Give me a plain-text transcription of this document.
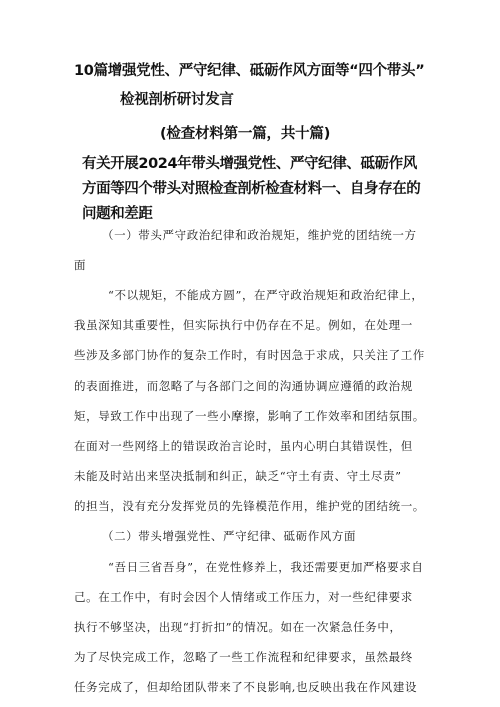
10篇增强党性、严守纪律、砥砺作风方面等“四个带头”
检视剖析研讨发言
(检查材料第一篇，共十篇)
有关开展2024年带头增强党性、严守纪律、砥砺作风
方面等四个带头对照检查剖析检查材料一、自身存在的
问题和差距
（一）带头严守政治纪律和政治规矩，维护党的团结统一方
面
“不以规矩，不能成方圆”，在严守政治规矩和政治纪律上，
我虽深知其重要性，但实际执行中仍存在不足。例如，在处理一
些涉及多部门协作的复杂工作时，有时因急于求成，只关注了工作
的表面推进，而忽略了与各部门之间的沟通协调应遵循的政治规
矩，导致工作中出现了一些小摩擦，影响了工作效率和团结氛围。
在面对一些网络上的错误政治言论时，虽内心明白其错误性，但
未能及时站出来坚决抵制和纠正，缺乏“守土有责、守土尽责”
的担当，没有充分发挥党员的先锋模范作用，维护党的团结统一。
（二）带头增强党性、严守纪律、砥砺作风方面
“吾日三省吾身”，在党性修养上，我还需要更加严格要求自
己。在工作中，有时会因个人情绪或工作压力，对一些纪律要求
执行不够坚决，出现“打折扣”的情况。如在一次紧急任务中，
为了尽快完成工作，忽略了一些工作流程和纪律要求，虽然最终
任务完成了，但却给团队带来了不良影响,也反映出我在作风建设
